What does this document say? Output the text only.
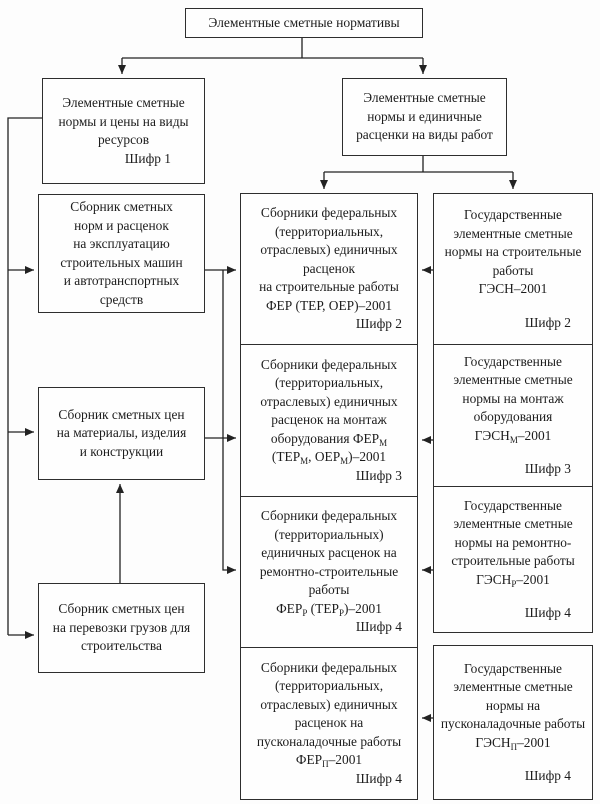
Элементные сметные нормативы
Элементные сметные
нормы и цены на виды
ресурсов
Шифр 1
Элементные сметные
нормы и единичные
расценки на виды работ
Сборник сметных
норм и расценок
на эксплуатацию
строительных машин
и автотранспортных
средств
Сборник сметных цен
на материалы, изделия
и конструкции
Сборник сметных цен
на перевозки грузов для
строительства
Сборники федеральных
(территориальных,
отраслевых) единичных
расценок
на строительные работы
ФЕР (ТЕР, ОЕР)–2001
Шифр 2
Сборники федеральных
(территориальных,
отраслевых) единичных
расценок на монтаж
оборудования $ФЕР_М$
($ТЕР_М$, $ОЕР_М)-2001$
Шифр 3
Сборники федеральных
(территориальных)
единичных расценок на
ремонтно-строительные
работы
$ФЕР_Р$ $(ТЕР_Р)-2001$
Шифр 4
Сборники федеральных
(территориальных,
отраслевых) единичных
расценок на
пусконаладочные работы
$ФЕР_П-2001$
Шифр 4
Государственные
элементные сметные
нормы на строительные
работы
ГЭСН–2001
Шифр 2
Государственные
элементные сметные
нормы на монтаж
оборудования
$ГЭСН_М-2001$
Шифр 3
Государственные
элементные сметные
нормы на ремонтно-
строительные работы
$ГЭСН_Р-2001$
Шифр 4
Государственные
элементные сметные
нормы на
пусконаладочные работы
$ГЭСН_П-2001$
Шифр 4
